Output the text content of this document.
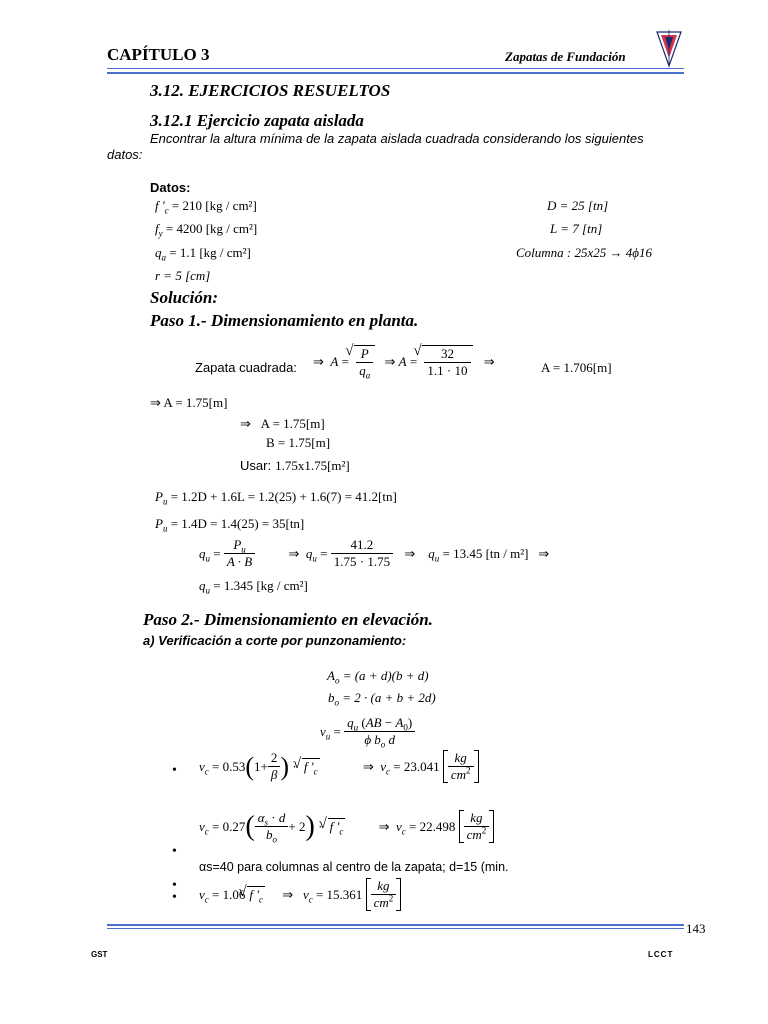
CAPÍTULO 3	Zapatas de Fundación
3.12. EJERCICIOS RESUELTOS
3.12.1 Ejercicio zapata aislada
Encontrar la altura mínima de la zapata aislada cuadrada considerando los siguientes
datos:
Datos:
f '$_c = 210$ [kg / cm²]
$f_y = 4200$ [kg / cm²]
$q_a = 1.1$ [kg / cm²]
r = 5 [cm]
D = 25 [tn]
L = 7 [tn]
Columna : 25x25 → 4ϕ16
Solución:
Paso 1.- Dimensionamiento en planta.
Zapata cuadrada: ⇒  A =
√ $\frac{P}{q_a}$ ⇒ A =
√ $\frac{32}{1.1 \cdot 10}$ ⇒	A = 1.706[m]
⇒ A = 1.75[m]
⇒   A = 1.75[m]
B = 1.75[m]
Usar: 1.75x1.75[m²]
$P_u = 1.2D + 1.6L = 1.2(25) + 1.6(7) = 41.2[tn]$
$P_u = 1.4D = 1.4(25) = 35[tn]$
$q_u = \frac{P_u}{A \cdot B}$	⇒  $q_u = \frac{41.2}{1.75 \cdot 1.75}$ ⇒    $q_u = 13.45$ [tn / m²]   ⇒
$q_u = 1.345$ [kg / cm²]
Paso 2.- Dimensionamiento en elevación.
a) Verificación a corte por punzonamiento:
$A_o = (a + d)(b + d)$
$b_o = 2 \cdot (a + b + 2d)$
$v_u = \frac{q_u (AB - A_0)}{\phi b_o d}$
• $v_c = 0.53(1+ \frac{2}{\beta}$ ) · √ f '$_c$	⇒  $v_c = 23.041 \frac{kg}{cm^2}$
$v_c = 0.27( \frac{\alpha_s \cdot d}{b_o} + 2)$ · √ f '$_c$	⇒  $v_c = 22.498 \frac{kg}{cm^2}$
•
αs=40 para columnas al centro de la zapata; d=15 (min.
•
• $v_c = 1.06√$ f '$_c$ ⇒   $v_c = 15.361 \frac{kg}{cm^2}$
143
GST	LCCT
